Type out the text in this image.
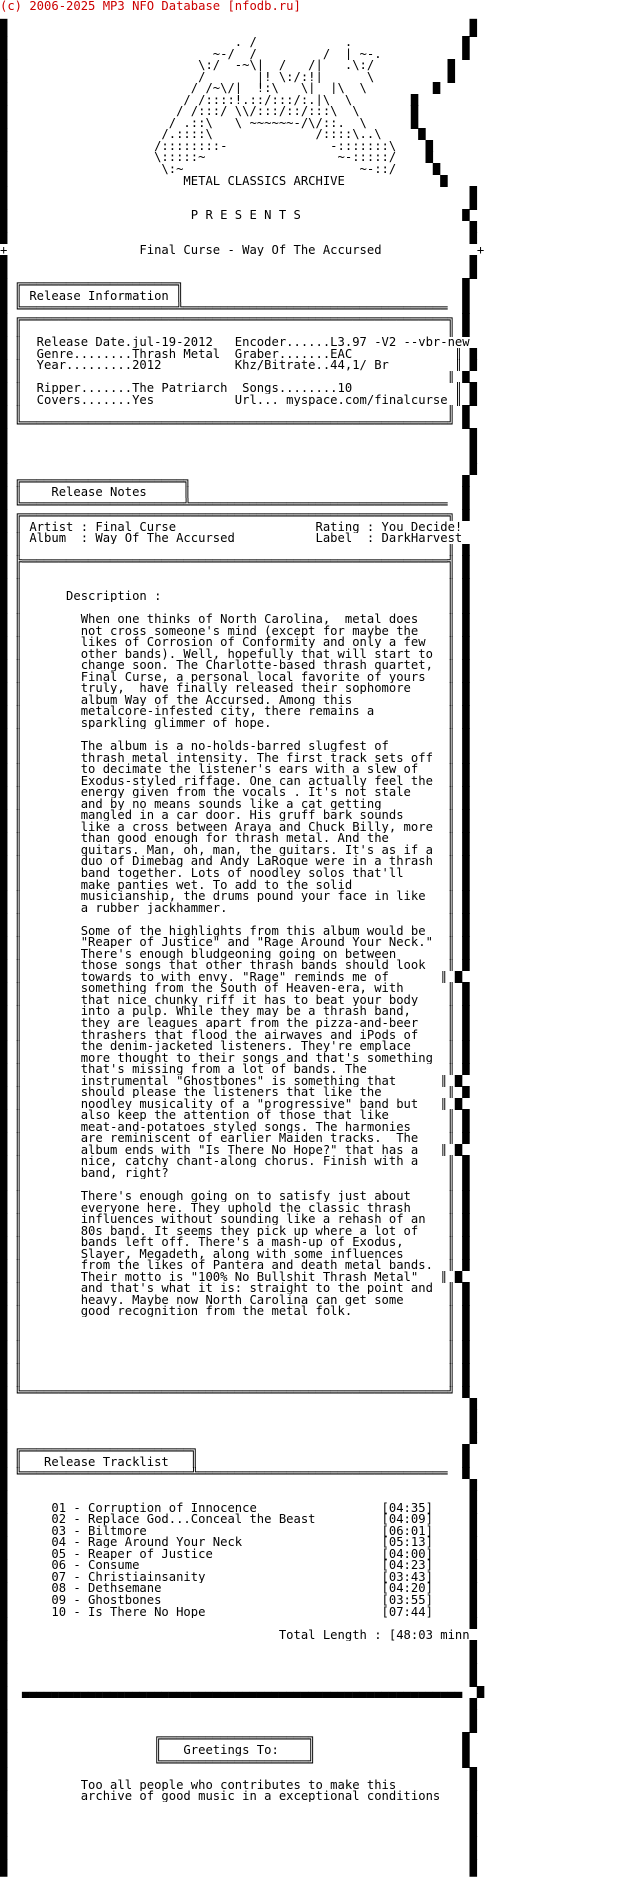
(c) 2006-2025 MP3 NFO Database [nfodb.ru]
▄                                                               ▄
█                                                               █
█                               ._/            .               █
█                           _~-/  /         /  |_~-._          █
█                          \:/  -~\|  /___/|   .\:/          █
█                          /       |! \:/:!|      \          █
█                         / /~\/|  !:\___\|  |\  \         █
█                        / /::::!.::/:::/:.|\  \        █
█                       / /:::/ \\/:::/::/:::\  \       █
█                      / .::\   \_~~~~~~-/\/::.  \      █
█                     /.::::\              /::::\..\     █
█                    /::::::::-              -:::::::\    █
█                    \:::::~                  ~-:::::/    █
█                     \:~                        ~-::/     █
█                        METAL CLASSICS ARCHIVE             █
█                                                               █
█                                                               █
█                         P R E S E N T S                      █
█                                                               █
█                                                               █
+                  Final Curse - Way Of The Accursed             +
█                                                               █
█                                                               █
█ ╔═════════════════════╗                                      █
█ ║ Release Information ║                                      █
█ ╚═════════════════════╩════════════════════════════════════  █
█ ╔══════════════════════════════════════════════════════════╗ █
█ ║                                                          ║ █
█ ║  Release Date.jul-19-2012   Encoder......L3.97 -V2 --vbr-new
█ ║  Genre........Thrash Metal  Graber.......EAC              ║ █
█ ║  Year.........2012          Khz/Bitrate..44,1/ Br         ║ █
█ ║                                                          ║ █
█ ║  Ripper.......The_Patriarch  Songs........10              ║ █
█ ║  Covers.......Yes           Url... myspace.com/finalcurse ║ █
█ ║                                                          ║ █
█ ╚══════════════════════════════════════════════════════════╝ █
█                                                               █
█                                                               █
█                                                               █
█                                                               █
█ ╔══════════════════════╗                                     █
█ ║    Release Notes     ║                                     █
█ ╚══════════════════════╩═══════════════════════════════════  █
█ ╔══════════════════════════════════════════════════════════╗ █
█ ║ Artist : Final Curse                   Rating : You Decide!
█ ║ Album  : Way Of The Accursed           Label  : DarkHarvest
█ ║                                                          ║ █
█ ╠══════════════════════════════════════════════════════════╣ █
█ ║                                                          ║ █
█ ║                                                          ║ █
█ ║      Description :                                       ║ █
█ ║                                                          ║ █
█ ║        When one thinks of North Carolina,  metal does    ║ █
█ ║        not cross someone's mind (except for maybe the    ║ █
█ ║        likes of Corrosion of Conformity and only a few   ║ █
█ ║        other bands). Well, hopefully that will start to  ║ █
█ ║        change soon. The Charlotte-based thrash quartet,  ║ █
█ ║        Final Curse, a personal local favorite of yours   ║ █
█ ║        truly,  have finally released their sophomore     ║ █
█ ║        album Way of the Accursed. Among this             ║ █
█ ║        metalcore-infested city, there remains a          ║ █
█ ║        sparkling glimmer of hope.                        ║ █
█ ║                                                          ║ █
█ ║        The album is a no-holds-barred slugfest of        ║ █
█ ║        thrash metal intensity. The first track sets off  ║ █
█ ║        to decimate the listener's ears with a slew of    ║ █
█ ║        Exodus-styled riffage. One can actually feel the  ║ █
█ ║        energy given from the vocals . It's not stale     ║ █
█ ║        and by no means sounds like a cat getting         ║ █
█ ║        mangled in a car door. His gruff bark sounds      ║ █
█ ║        like a cross between Araya and Chuck Billy, more  ║ █
█ ║        than good enough for thrash metal. And the        ║ █
█ ║        guitars. Man, oh, man, the guitars. It's as if a  ║ █
█ ║        duo of Dimebag and Andy LaRoque were in a thrash  ║ █
█ ║        band together. Lots of noodley solos that'll      ║ █
█ ║        make panties wet. To add to the solid             ║ █
█ ║        musicianship, the drums pound your face in like   ║ █
█ ║        a rubber jackhammer.                              ║ █
█ ║                                                          ║ █
█ ║        Some of the highlights from this album would be   ║ █
█ ║        "Reaper of Justice" and "Rage Around Your Neck."  ║ █
█ ║        There's enough bludgeoning going on between       ║ █
█ ║        those songs that other thrash bands should look   ║ █
█ ║        towards to with envy. "Rage" reminds me of       ║ █
█ ║        something from the South of Heaven-era, with      ║ █
█ ║        that nice chunky riff it has to beat your body    ║ █
█ ║        into a pulp. While they may be a thrash band,     ║ █
█ ║        they are leagues apart from the pizza-and-beer    ║ █
█ ║        thrashers that flood the airwaves and iPods of    ║ █
█ ║        the denim-jacketed listeners. They're emplace     ║ █
█ ║        more thought to their songs and that's something  ║ █
█ ║        that's missing from a lot of bands. The           ║ █
█ ║        instrumental "Ghostbones" is something that      ║ █
█ ║        should please the listeners that like the         ║ █
█ ║        noodley musicality of a "progressive" band but   ║ █
█ ║        also keep the attention of those that like        ║ █
█ ║        meat-and-potatoes styled songs. The harmonies     ║ █
█ ║        are reminiscent of earlier Maiden tracks.  The    ║ █
█ ║        album ends with "Is There No Hope?" that has a   ║ █
█ ║        nice, catchy chant-along chorus. Finish with a    ║ █
█ ║        band, right?                                      ║ █
█ ║                                                          ║ █
█ ║        There's enough going on to satisfy just about     ║ █
█ ║        everyone here. They uphold the classic thrash     ║ █
█ ║        influences without sounding like a rehash of an   ║ █
█ ║        80s band. It seems they pick up where a lot of    ║ █
█ ║        bands left off. There's a mash-up of Exodus,      ║ █
█ ║        Slayer, Megadeth, along with some influences      ║ █
█ ║        from the likes of Pantera and death metal bands.  ║ █
█ ║        Their motto is "100% No Bullshit Thrash Metal"   ║ █
█ ║        and that's what it is: straight to the point and  ║ █
█ ║        heavy. Maybe now North Carolina can get some      ║ █
█ ║        good recognition from the metal folk.             ║ █
█ ║                                                          ║ █
█ ║                                                          ║ █
█ ║                                                          ║ █
█ ║                                                          ║ █
█ ║                                                          ║ █
█ ║                                                          ║ █
█ ╚══════════════════════════════════════════════════════════╝ █
█                                                               █
█                                                               █
█                                                               █
█                                                               █
█ ╔═══════════════════════╗                                    █
█ ║   Release Tracklist   ║                                    █
█ ╚═══════════════════════╩══════════════════════════════════  █
█                                                               █
█                                                               █
█      01 - Corruption of Innocence                 [04:35]     █
█      02 - Replace God...Conceal the Beast         [04:09]     █
█      03 - Biltmore                                [06:01]     █
█      04 - Rage Around Your Neck                   [05:13]     █
█      05 - Reaper of Justice                       [04:00]     █
█      06 - Consume                                 [04:23]     █
█      07 - Christiainsanity                        [03:43]     █
█      08 - Dethsemane                              [04:20]     █
█      09 - Ghostbones                              [03:55]     █
█      10 - Is There No Hope_                       [07:44]     █
█                                                               █
█                                     Total Length : [48:03 minn
█                                                               █
█                                                               █
█                                                               █
█                                                               █
█  ▄▄▄▄▄▄▄▄▄▄▄▄▄▄▄▄▄▄▄▄▄▄▄▄▄▄▄▄▄▄▄▄▄▄▄▄▄▄▄▄▄▄▄▄▄▄▄▄▄▄▄▄▄▄▄▄▄▄▄▄  █
█                                                               █
█                                                               █
█                                                               █
█                    ╔════════════════════╗                    █
█                    ║   Greetings To:    ║                    █
█                    ╚════════════════════╝                    █
█                                                               █
█          Too all people who contributes to make this          █
█          archive of good music in a exceptional conditions    █
█                                                               █
█                                                               █
█                                                               █
█                                                               █
█                                                               █
█                                                               █
▀                                                               ▀
